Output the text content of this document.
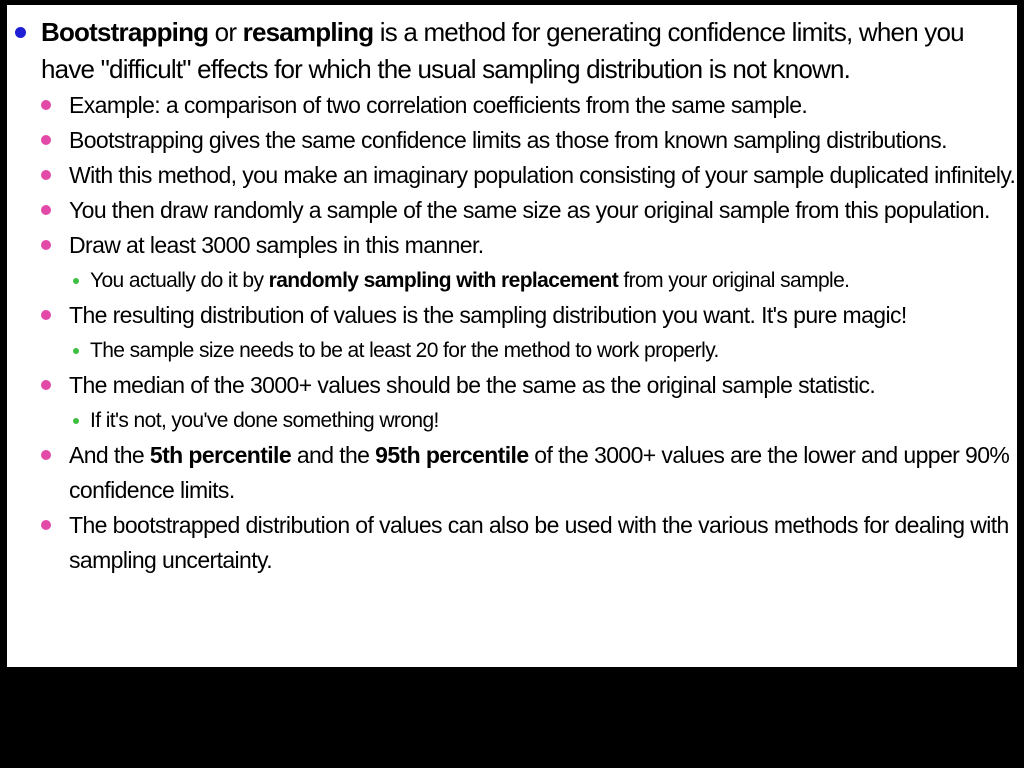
Bootstrapping or resampling is a method for generating confidence limits, when you have "difficult" effects for which the usual sampling distribution is not known.
Example: a comparison of two correlation coefficients from the same sample.
Bootstrapping gives the same confidence limits as those from known sampling distributions.
With this method, you make an imaginary population consisting of your sample duplicated infinitely.
You then draw randomly a sample of the same size as your original sample from this population.
Draw at least 3000 samples in this manner.
You actually do it by randomly sampling with replacement from your original sample.
The resulting distribution of values is the sampling distribution you want. It's pure magic!
The sample size needs to be at least 20 for the method to work properly.
The median of the 3000+ values should be the same as the original sample statistic.
If it's not, you've done something wrong!
And the 5th percentile and the 95th percentile of the 3000+ values are the lower and upper 90% confidence limits.
The bootstrapped distribution of values can also be used with the various methods for dealing with sampling uncertainty.
